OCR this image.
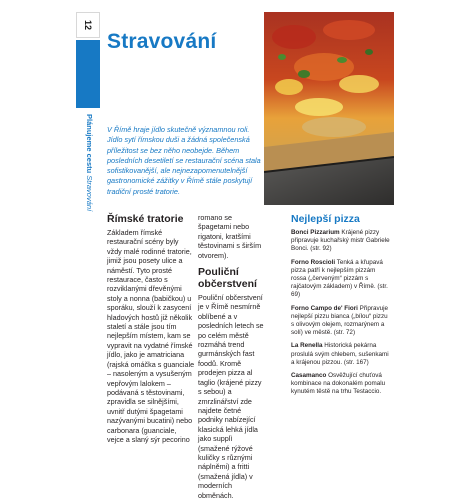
12
Plánujeme cestu Stravování
Stravování
V Římě hraje jídlo skutečně významnou roli. Jídlo sytí římskou duši a žádná společenská příležitost se bez něho neobejde. Během posledních desetiletí se restaurační scéna stala sofistikovanější, ale nejnezapomenutelnější gastronomické zážitky v Římě stále poskytují tradiční prosté tratorie.
Římské tratorie

Základem římské restaurační scény byly vždy malé rodinné tratorie, jimiž jsou posety ulice a náměstí. Tyto prosté restaurace, často s rozviklanými dřevěnými stoly a nonna (babičkou) u sporáku, slouží k zasycení hladových hostů již několik staletí a stále jsou tím nejlepším místem, kam se vypravit na vydatné římské jídlo, jako je amatriciana (rajská omáčka s guanciale – nasoleným a vysušeným vepřovým lalokem – podávaná s těstovinami, zpravidla se silnějšími, uvnitř dutými špagetami nazývanými bucatini) nebo carbonara (guanciale, vejce a slaný sýr pecorino

romano se špagetami nebo rigatoni, kratšími těstovinami s širším otvorem).

Pouliční občerstvení

Pouliční občerstvení je v Římě nesmírně oblíbené a v posledních letech se po celém městě rozmáhá trend gurmánských fast foodů. Kromě prodejen pizza al taglio (krájené pizzy s sebou) a zmrzlinářství zde najdete četné podniky nabízející klasická lehká jídla jako supplì (smažené rýžové kuličky s různými náplněmi) a fritti (smažená jídla) v moderních obměnách.

Nejlepší pizza

Bonci Pizzarium Krájené pizzy připravuje kuchařský mistr Gabriele Bonci. (str. 92)

Forno Roscioli Tenká a křupavá pizza patří k nejlepším pizzám rossa („červeným“ pizzám s rajčatovým základem) v Římě. (str. 69)

Forno Campo de' Fiori Připravuje nejlepší pizzu bianca („bílou“ pizzu s olivovým olejem, rozmarýnem a solí) ve městě. (str. 72)

La Renella Historická pekárna proslulá svým chlebem, sušenkami a krájenou pizzou. (str. 167)

Casamanco Osvěžující chuťová kombinace na dokonalém pomalu kynutém těstě na trhu Testaccio.
